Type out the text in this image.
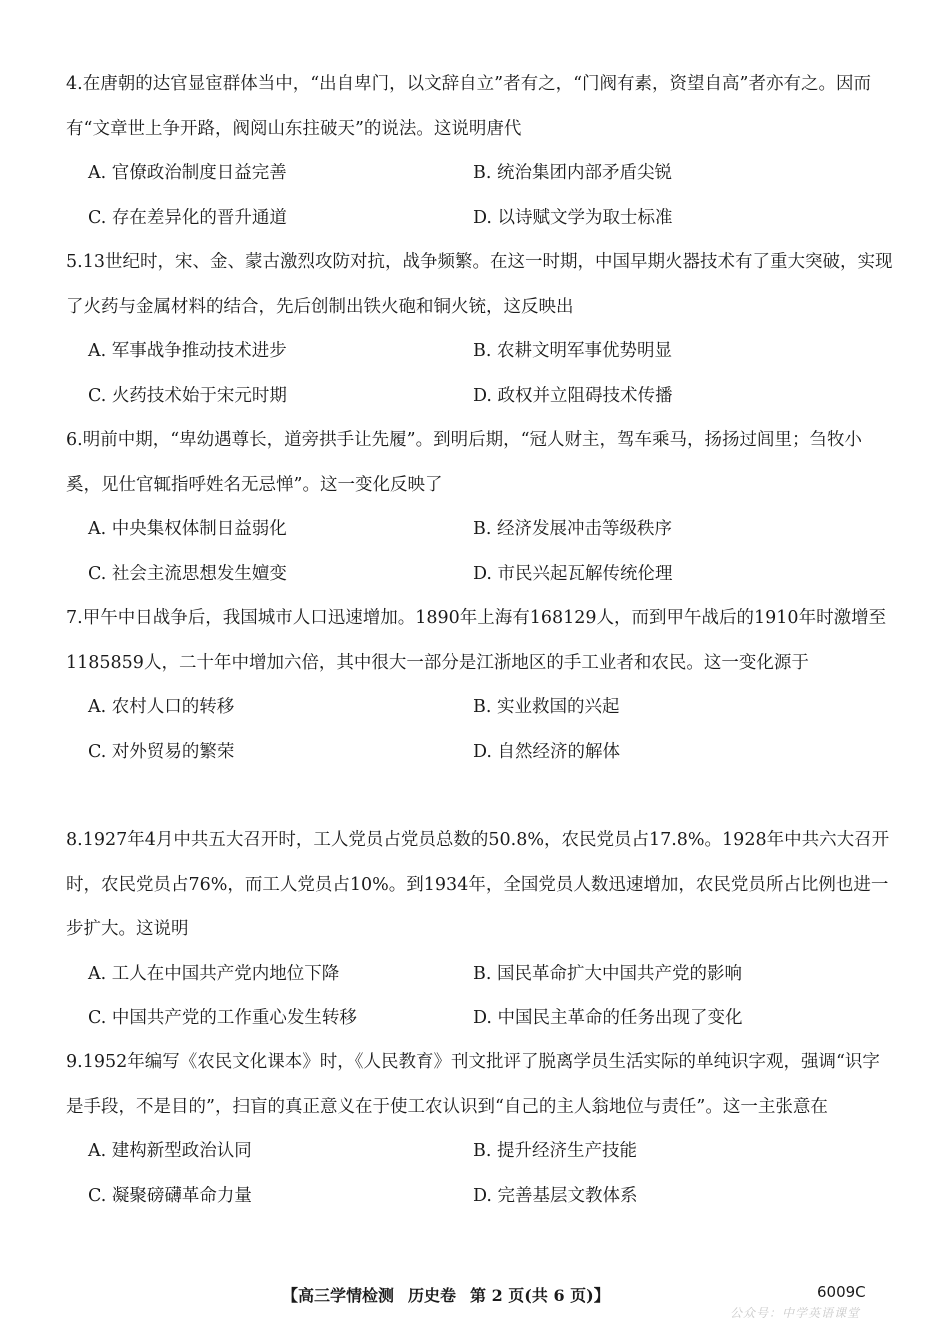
4.在唐朝的达官显宦群体当中，“出自卑门，以文辞自立”者有之，“门阀有素，资望自高”者亦有之。因而有“文章世上争开路，阀阅山东拄破天”的说法。这说明唐代

A. 官僚政治制度日益完善	B. 统治集团内部矛盾尖锐
C. 存在差异化的晋升通道	D. 以诗赋文学为取士标准

5.13世纪时，宋、金、蒙古激烈攻防对抗，战争频繁。在这一时期，中国早期火器技术有了重大突破，实现了火药与金属材料的结合，先后创制出铁火砲和铜火铳，这反映出

A. 军事战争推动技术进步	B. 农耕文明军事优势明显
C. 火药技术始于宋元时期	D. 政权并立阻碍技术传播

6.明前中期，“卑幼遇尊长，道旁拱手让先履”。到明后期，“冠人财主，驾车乘马，扬扬过闾里；刍牧小奚，见仕官辄指呼姓名无忌惮”。这一变化反映了

A. 中央集权体制日益弱化	B. 经济发展冲击等级秩序
C. 社会主流思想发生嬗变	D. 市民兴起瓦解传统伦理

7.甲午中日战争后，我国城市人口迅速增加。1890年上海有168129人，而到甲午战后的1910年时激增至1185859人，二十年中增加六倍，其中很大一部分是江浙地区的手工业者和农民。这一变化源于

A. 农村人口的转移	B. 实业救国的兴起
C. 对外贸易的繁荣	D. 自然经济的解体

8.1927年4月中共五大召开时，工人党员占党员总数的50.8%，农民党员占17.8%。1928年中共六大召开时，农民党员占76%，而工人党员占10%。到1934年，全国党员人数迅速增加，农民党员所占比例也进一步扩大。这说明

A. 工人在中国共产党内地位下降	B. 国民革命扩大中国共产党的影响
C. 中国共产党的工作重心发生转移	D. 中国民主革命的任务出现了变化

9.1952年编写《农民文化课本》时，《人民教育》刊文批评了脱离学员生活实际的单纯识字观，强调“识字是手段，不是目的”，扫盲的真正意义在于使工农认识到“自己的主人翁地位与责任”。这一主张意在

A. 建构新型政治认同	B. 提升经济生产技能
C. 凝聚磅礴革命力量	D. 完善基层文教体系
【高三学情检测 历史卷 第 2 页(共 6 页)】	6009C
公众号：中学英语课堂
